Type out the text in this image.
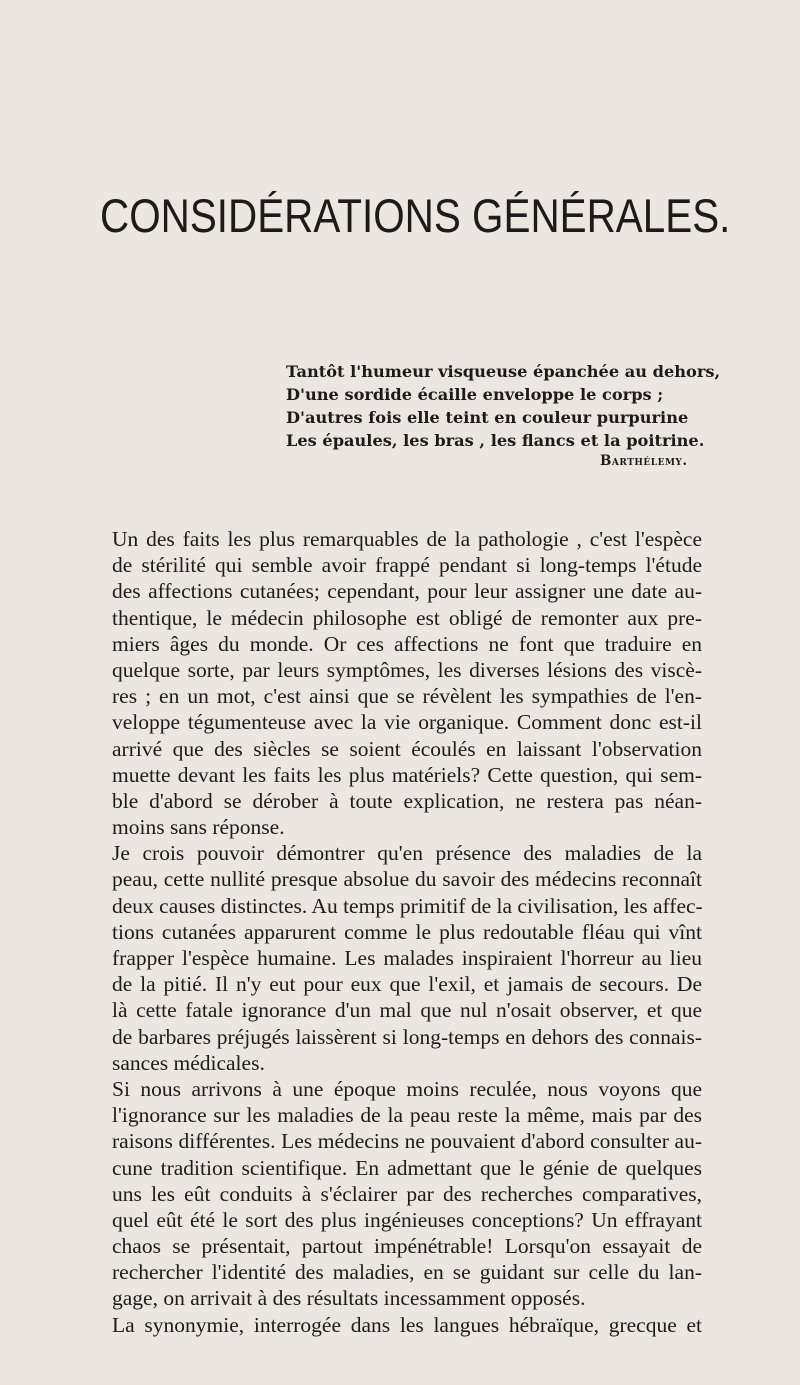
CONSIDÉRATIONS GÉNÉRALES.
Tantôt l'humeur visqueuse épanchée au dehors,
D'une sordide écaille enveloppe le corps ;
D'autres fois elle teint en couleur purpurine
Les épaules, les bras , les flancs et la poitrine.
Barthélemy.
Un des faits les plus remarquables de la pathologie , c'est l'espèce
de stérilité qui semble avoir frappé pendant si long-temps l'étude
des affections cutanées; cependant, pour leur assigner une date au-
thentique, le médecin philosophe est obligé de remonter aux pre-
miers âges du monde. Or ces affections ne font que traduire en
quelque sorte, par leurs symptômes, les diverses lésions des viscè-
res ; en un mot, c'est ainsi que se révèlent les sympathies de l'en-
veloppe tégumenteuse avec la vie organique. Comment donc est-il
arrivé que des siècles se soient écoulés en laissant l'observation
muette devant les faits les plus matériels? Cette question, qui sem-
ble d'abord se dérober à toute explication, ne restera pas néan-
moins sans réponse.
Je crois pouvoir démontrer qu'en présence des maladies de la
peau, cette nullité presque absolue du savoir des médecins reconnaît
deux causes distinctes. Au temps primitif de la civilisation, les affec-
tions cutanées apparurent comme le plus redoutable fléau qui vînt
frapper l'espèce humaine. Les malades inspiraient l'horreur au lieu
de la pitié. Il n'y eut pour eux que l'exil, et jamais de secours. De
là cette fatale ignorance d'un mal que nul n'osait observer, et que
de barbares préjugés laissèrent si long-temps en dehors des connais-
sances médicales.
Si nous arrivons à une époque moins reculée, nous voyons que
l'ignorance sur les maladies de la peau reste la même, mais par des
raisons différentes. Les médecins ne pouvaient d'abord consulter au-
cune tradition scientifique. En admettant que le génie de quelques
uns les eût conduits à s'éclairer par des recherches comparatives,
quel eût été le sort des plus ingénieuses conceptions? Un effrayant
chaos se présentait, partout impénétrable! Lorsqu'on essayait de
rechercher l'identité des maladies, en se guidant sur celle du lan-
gage, on arrivait à des résultats incessamment opposés.
La synonymie, interrogée dans les langues hébraïque, grecque et
